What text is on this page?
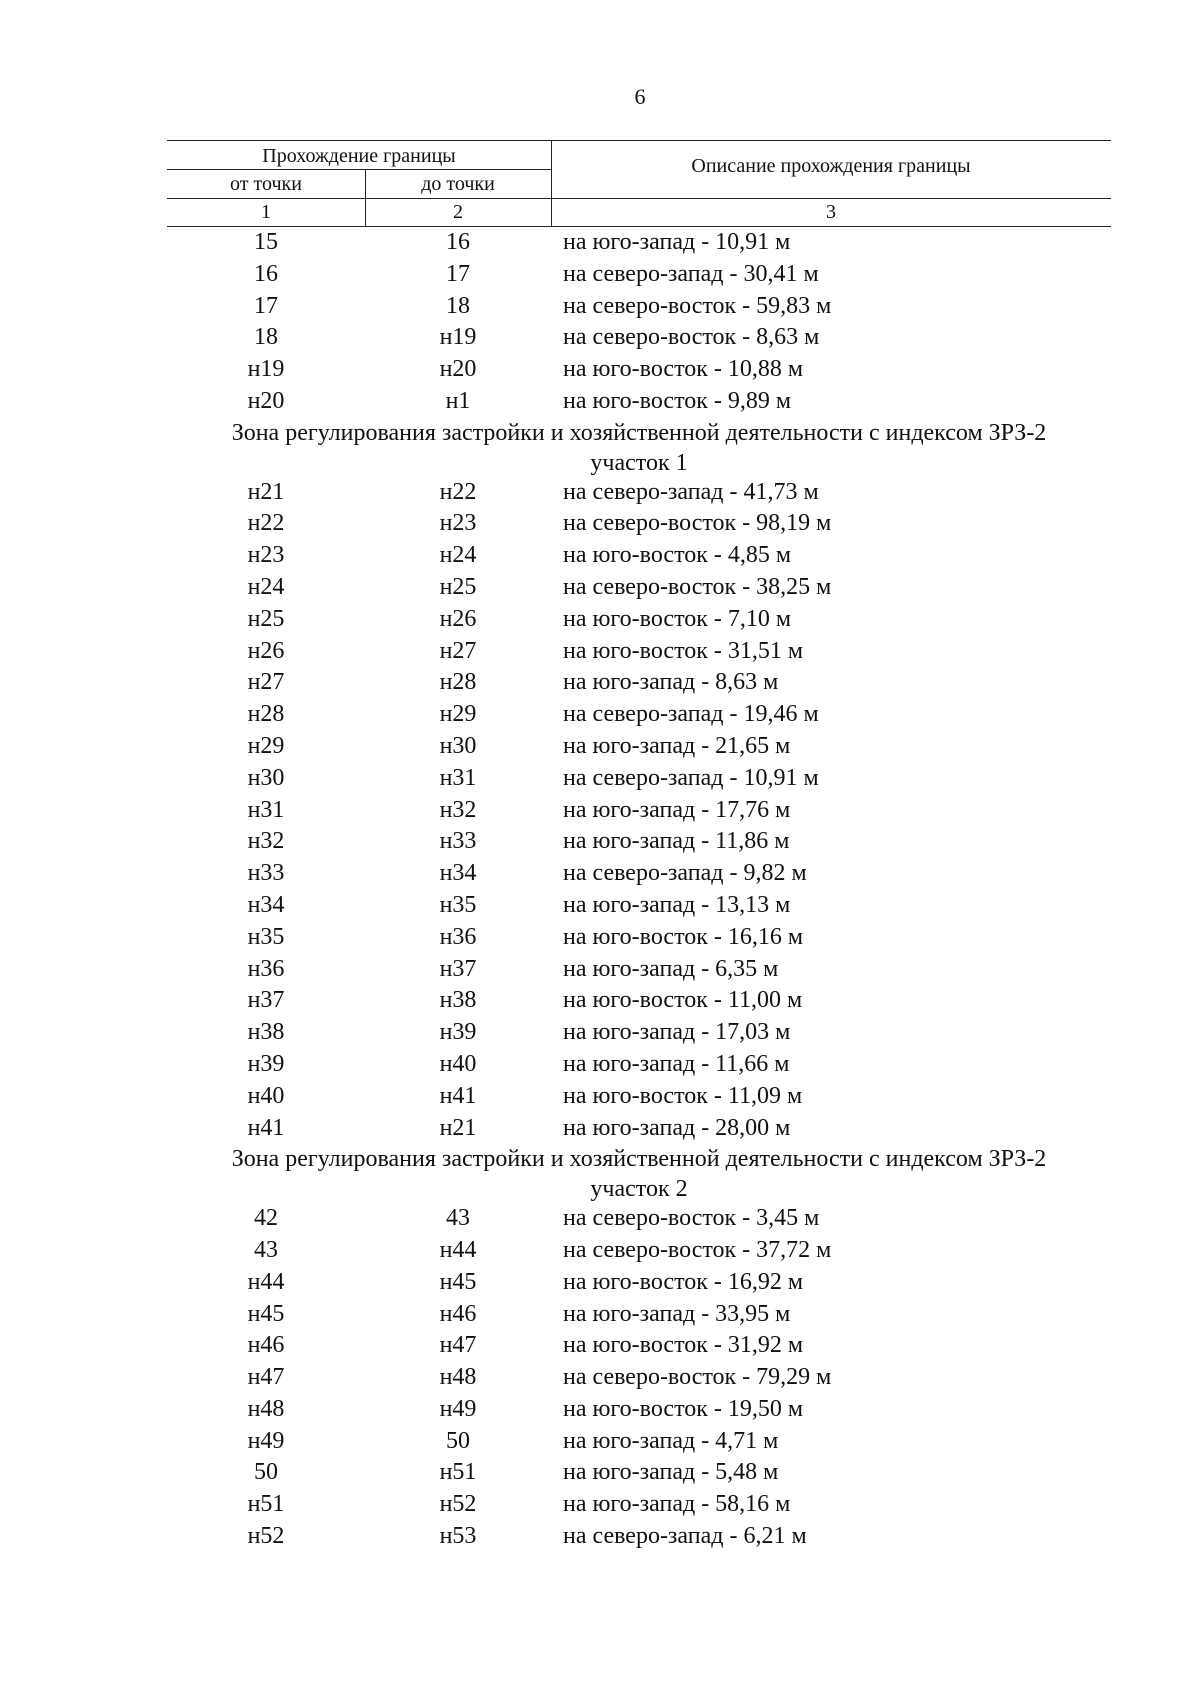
6
Прохождение границы	Описание прохождения границы
от точки	до точки
1	2	3
15	16	на юго-запад - 10,91 м
16	17	на северо-запад - 30,41 м
17	18	на северо-восток - 59,83 м
18	н19	на северо-восток - 8,63 м
н19	н20	на юго-восток - 10,88 м
н20	н1	на юго-восток - 9,89 м
Зона регулирования застройки и хозяйственной деятельности с индексом ЗРЗ-2
участок 1
н21	н22	на северо-запад - 41,73 м
н22	н23	на северо-восток - 98,19 м
н23	н24	на юго-восток - 4,85 м
н24	н25	на северо-восток - 38,25 м
н25	н26	на юго-восток - 7,10 м
н26	н27	на юго-восток - 31,51 м
н27	н28	на юго-запад - 8,63 м
н28	н29	на северо-запад - 19,46 м
н29	н30	на юго-запад - 21,65 м
н30	н31	на северо-запад - 10,91 м
н31	н32	на юго-запад - 17,76 м
н32	н33	на юго-запад - 11,86 м
н33	н34	на северо-запад - 9,82 м
н34	н35	на юго-запад - 13,13 м
н35	н36	на юго-восток - 16,16 м
н36	н37	на юго-запад - 6,35 м
н37	н38	на юго-восток - 11,00 м
н38	н39	на юго-запад - 17,03 м
н39	н40	на юго-запад - 11,66 м
н40	н41	на юго-восток - 11,09 м
н41	н21	на юго-запад - 28,00 м
Зона регулирования застройки и хозяйственной деятельности с индексом ЗРЗ-2
участок 2
42	43	на северо-восток - 3,45 м
43	н44	на северо-восток - 37,72 м
н44	н45	на юго-восток - 16,92 м
н45	н46	на юго-запад - 33,95 м
н46	н47	на юго-восток - 31,92 м
н47	н48	на северо-восток - 79,29 м
н48	н49	на юго-восток - 19,50 м
н49	50	на юго-запад - 4,71 м
50	н51	на юго-запад - 5,48 м
н51	н52	на юго-запад - 58,16 м
н52	н53	на северо-запад - 6,21 м
